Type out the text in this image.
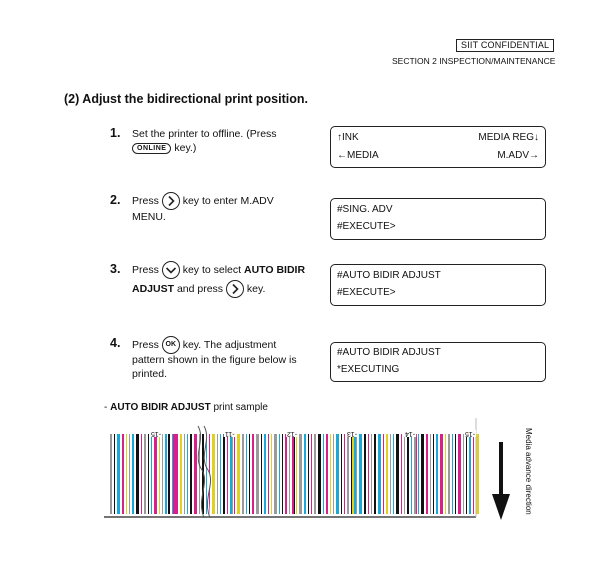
SIIT CONFIDENTIAL
SECTION 2 INSPECTION/MAINTENANCE
(2) Adjust the bidirectional print position.
1. Set the printer to offline. (Press
ONLINE key.)
↑INK	MEDIA REG↓
←MEDIA	M.ADV→
2. Press key to enter M.ADV
MENU.
#SING. ADV
#EXECUTE>
3. Press key to select AUTO BIDIR
ADJUST and press key.
#AUTO BIDIR ADJUST
#EXECUTE>
4. Press OK key. The adjustment
pattern shown in the figure below is
printed.
#AUTO BIDIR ADJUST
*EXECUTING
- AUTO BIDIR ADJUST print sample
-15	-11	-12	-13	-14	-15	Media advance direction
